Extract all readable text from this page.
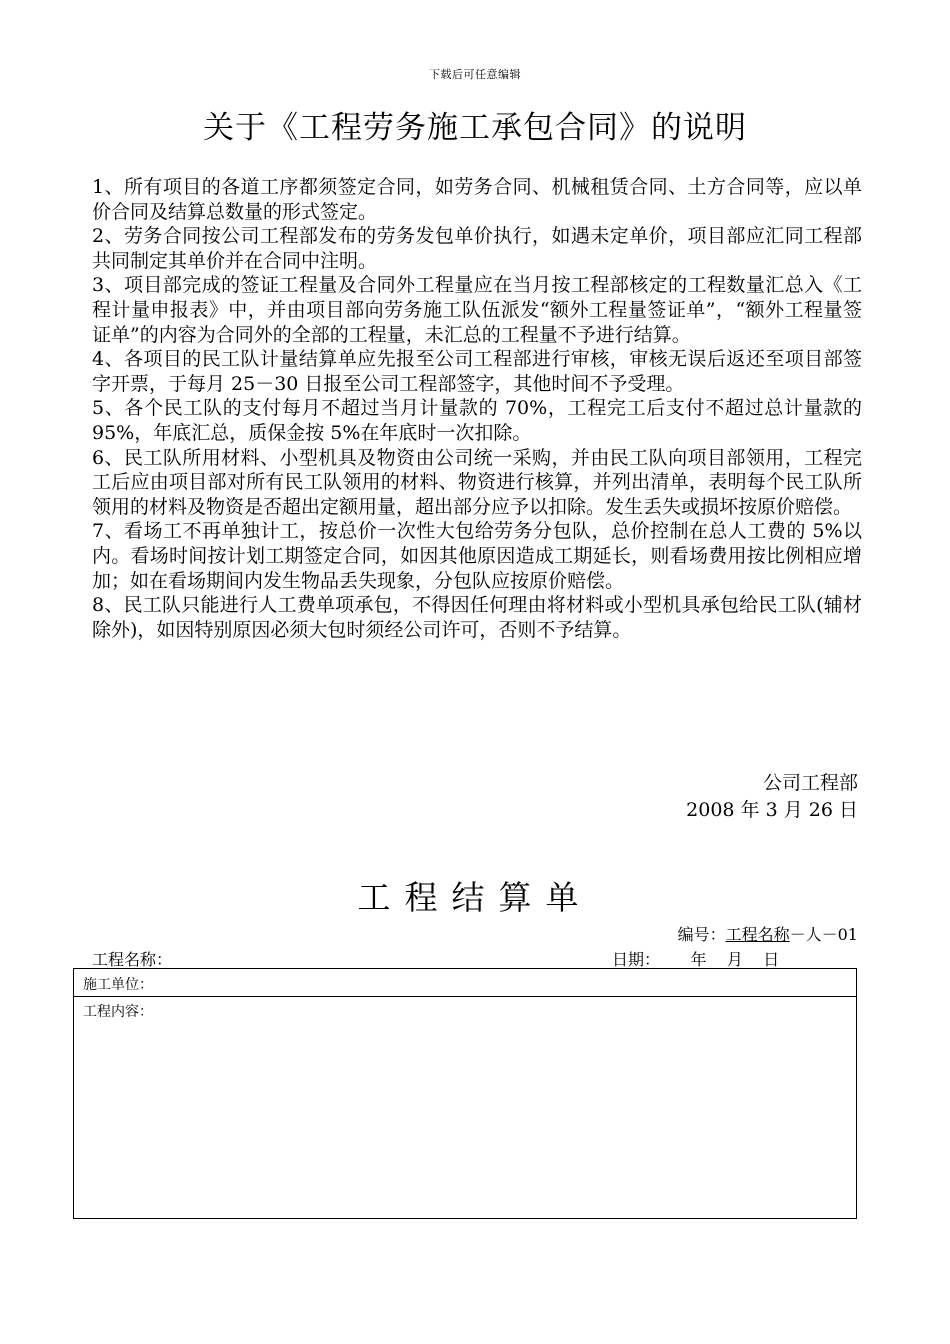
下载后可任意编辑
关于《工程劳务施工承包合同》的说明

1、所有项目的各道工序都须签定合同，如劳务合同、机械租赁合同、土方合同等，应以单价合同及结算总数量的形式签定。

2、劳务合同按公司工程部发布的劳务发包单价执行，如遇未定单价，项目部应汇同工程部共同制定其单价并在合同中注明。

3、项目部完成的签证工程量及合同外工程量应在当月按工程部核定的工程数量汇总入《工程计量申报表》中，并由项目部向劳务施工队伍派发“额外工程量签证单”，“额外工程量签证单”的内容为合同外的全部的工程量，未汇总的工程量不予进行结算。

4、各项目的民工队计量结算单应先报至公司工程部进行审核，审核无误后返还至项目部签字开票，于每月 25－30 日报至公司工程部签字，其他时间不予受理。

5、各个民工队的支付每月不超过当月计量款的 70%，工程完工后支付不超过总计量款的 95%，年底汇总，质保金按 5%在年底时一次扣除。

6、民工队所用材料、小型机具及物资由公司统一采购，并由民工队向项目部领用，工程完工后应由项目部对所有民工队领用的材料、物资进行核算，并列出清单，表明每个民工队所领用的材料及物资是否超出定额用量，超出部分应予以扣除。发生丢失或损坏按原价赔偿。

7、看场工不再单独计工，按总价一次性大包给劳务分包队，总价控制在总人工费的 5%以内。看场时间按计划工期签定合同，如因其他原因造成工期延长，则看场费用按比例相应增加；如在看场期间内发生物品丢失现象，分包队应按原价赔偿。

8、民工队只能进行人工费单项承包，不得因任何理由将材料或小型机具承包给民工队(辅材除外)，如因特别原因必须大包时须经公司许可，否则不予结算。

公司工程部
2008 年 3 月 26 日
工程结算单
编号：工程名称－人－01
工程名称：	日期：      年    月    日
施工单位：
工程内容：
